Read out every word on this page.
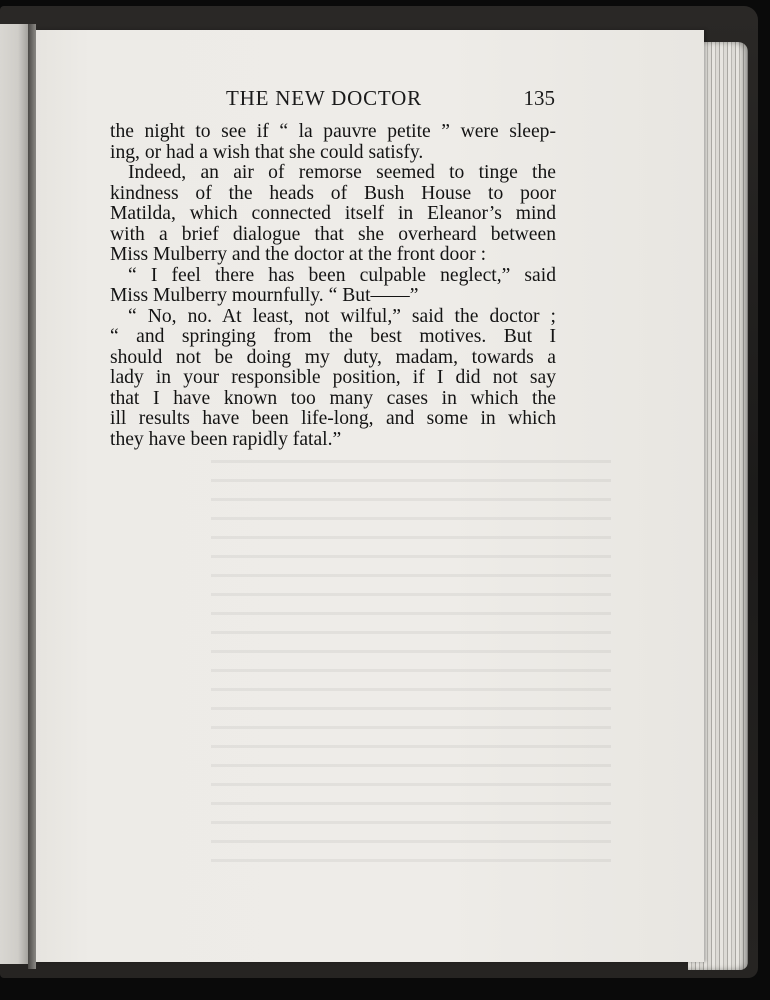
THE NEW DOCTOR	135
the night to see if “ la pauvre petite ” were sleep-
ing, or had a wish that she could satisfy.
Indeed, an air of remorse seemed to tinge the
kindness of the heads of Bush House to poor
Matilda, which connected itself in Eleanor’s mind
with a brief dialogue that she overheard between
Miss Mulberry and the doctor at the front door :
“ I feel there has been culpable neglect,” said
Miss Mulberry mournfully. “ But——”
“ No, no. At least, not wilful,” said the doctor ;
“ and springing from the best motives. But I
should not be doing my duty, madam, towards a
lady in your responsible position, if I did not say
that I have known too many cases in which the
ill results have been life-long, and some in which
they have been rapidly fatal.”
